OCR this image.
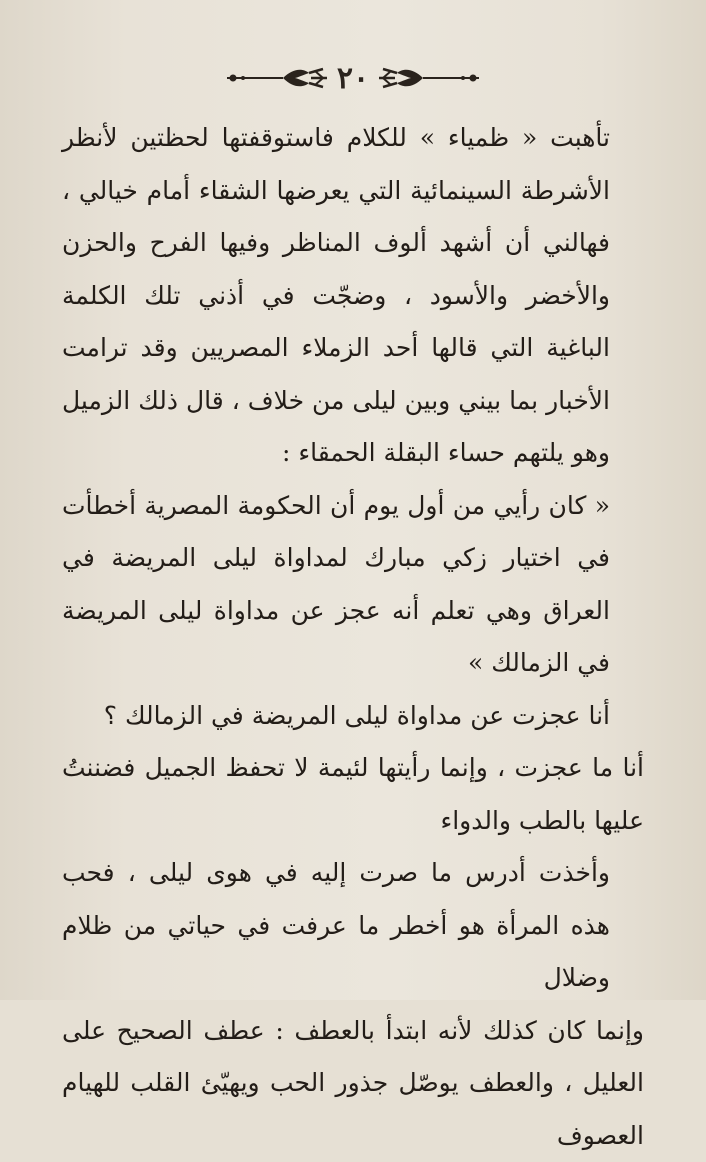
٢٠

تأهبت « ظمياء » للكلام فاستوقفتها لحظتين لأنظر الأشرطة السينمائية التي يعرضها الشقاء أمام خيالي ، فهالني أن أشهد ألوف المناظر وفيها الفرح والحزن والأخضر والأسود ، وضجّت في أذني تلك الكلمة الباغية التي قالها أحد الزملاء المصريين وقد ترامت الأخبار بما بيني وبين ليلى من خلاف ، قال ذلك الزميل وهو يلتهم حساء البقلة الحمقاء :

« كان رأيي من أول يوم أن الحكومة المصرية أخطأت في اختيار زكي مبارك لمداواة ليلى المريضة في العراق وهي تعلم أنه عجز عن مداواة ليلى المريضة في الزمالك »

أنا عجزت عن مداواة ليلى المريضة في الزمالك ؟

أنا ما عجزت ، وإنما رأيتها لئيمة لا تحفظ الجميل فضننتُ عليها بالطب والدواء

وأخذت أدرس ما صرت إليه في هوى ليلى ، فحب هذه المرأة هو أخطر ما عرفت في حياتي من ظلام وضلال

وإنما كان كذلك لأنه ابتدأ بالعطف : عطف الصحيح على العليل ، والعطف يوصّل جذور الحب ويهيّئ القلب للهيام العصوف
